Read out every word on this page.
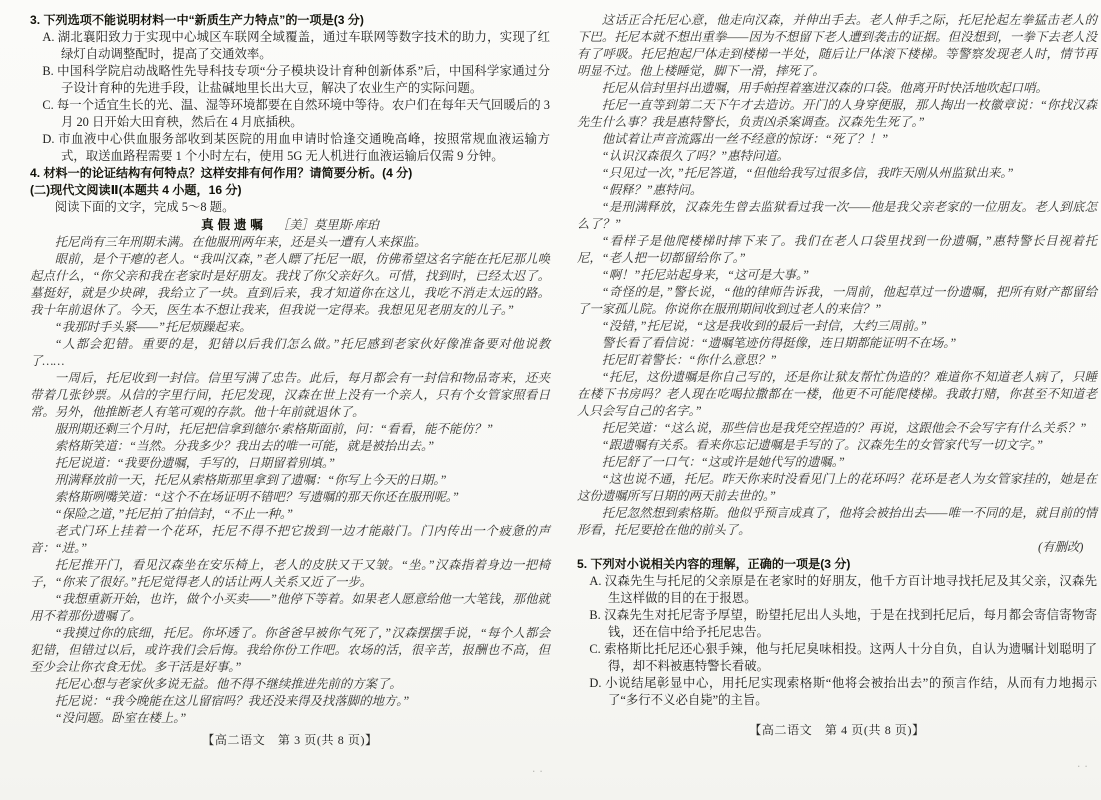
3. 下列选项不能说明材料一中“新质生产力特点”的一项是(3 分)

A. 湖北襄阳致力于实现中心城区车联网全域覆盖，通过车联网等数字技术的助力，实现了红绿灯自动调整配时，提高了交通效率。

B. 中国科学院启动战略性先导科技专项“分子模块设计育种创新体系”后，中国科学家通过分子设计育种的先进手段，让盐碱地里长出大豆，解决了农业生产的实际问题。

C. 每一个适宜生长的光、温、湿等环境都要在自然环境中等待。农户们在每年天气回暖后的 3 月 20 日开始大田育秧，然后在 4 月底插秧。

D. 市血液中心供血服务部收到某医院的用血申请时恰逢交通晚高峰，按照常规血液运输方式，取送血路程需要 1 个小时左右，使用 5G 无人机进行血液运输后仅需 9 分钟。

4. 材料一的论证结构有何特点？这样安排有何作用？请简要分析。(4 分)

(二)现代文阅读Ⅱ(本题共 4 小题，16 分)

阅读下面的文字，完成 5～8 题。

真假遗嘱 ［美］莫里斯·库珀

托尼尚有三年刑期未满。在他服刑两年来，还是头一遭有人来探监。

眼前，是个干瘪的老人。“我叫汉森，”老人瞟了托尼一眼，仿佛希望这名字能在托尼那儿唤起点什么，“你父亲和我在老家时是好朋友。我找了你父亲好久。可惜，找到时，已经太迟了。墓挺好，就是少块碑，我给立了一块。直到后来，我才知道你在这儿，我吃不消走太远的路。我十年前退休了。今天，医生本不想让我来，但我说一定得来。我想见见老朋友的儿子。”

“我那时手头紧——”托尼烦躁起来。

“人都会犯错。重要的是，犯错以后我们怎么做。”托尼感到老家伙好像准备要对他说教了……

一周后，托尼收到一封信。信里写满了忠告。此后，每月都会有一封信和物品寄来，还夹带着几张钞票。从信的字里行间，托尼发现，汉森在世上没有一个亲人，只有个女管家照看日常。另外，他推断老人有笔可观的存款。他十年前就退休了。

服刑期还剩三个月时，托尼把信拿到德尔·索格斯面前，问：“看看，能不能仿？”

索格斯笑道：“当然。分我多少？我出去的唯一可能，就是被抬出去。”

托尼说道：“我要份遗嘱，手写的，日期留着别填。”

刑满释放前一天，托尼从索格斯那里拿到了遗嘱：“你写上今天的日期。”

索格斯咧嘴笑道：“这个不在场证明不错吧？写遗嘱的那天你还在服刑呢。”

“保险之道，”托尼拍了拍信封，“不止一种。”

老式门环上挂着一个花环，托尼不得不把它拨到一边才能敲门。门内传出一个疲惫的声音：“进。”

托尼推开门，看见汉森坐在安乐椅上，老人的皮肤又干又皱。“坐。”汉森指着身边一把椅子，“你来了很好。”托尼觉得老人的话让两人关系又近了一步。

“我想重新开始，也许，做个小买卖——”他停下等着。如果老人愿意给他一大笔钱，那他就用不着那份遗嘱了。

“我摸过你的底细，托尼。你坏透了。你爸爸早被你气死了，”汉森摆摆手说，“每个人都会犯错，但错过以后，或许我们会后悔。我给你份工作吧。农场的活，很辛苦，报酬也不高，但至少会让你衣食无忧。多干活是好事。”

托尼心想与老家伙多说无益。他不得不继续推进先前的方案了。

托尼说：“我今晚能在这儿留宿吗？我还没来得及找落脚的地方。”

“没问题。卧室在楼上。”

【高二语文　第 3 页(共 8 页)】

这话正合托尼心意，他走向汉森，并伸出手去。老人伸手之际，托尼抡起左拳猛击老人的下巴。托尼本就不想出重拳——因为不想留下老人遭到袭击的证据。但没想到，一拳下去老人没有了呼吸。托尼抱起尸体走到楼梯一半处，随后让尸体滚下楼梯。等警察发现老人时，情节再明显不过。他上楼睡觉，脚下一滑，摔死了。

托尼从信封里抖出遗嘱，用手帕捏着塞进汉森的口袋。他离开时快活地吹起口哨。

托尼一直等到第二天下午才去造访。开门的人身穿便服，那人掏出一枚徽章说：“你找汉森先生什么事？我是惠特警长，负责凶杀案调查。汉森先生死了。”

他试着让声音流露出一丝不经意的惊讶：“死了？！”

“认识汉森很久了吗？”惠特问道。

“只见过一次，”托尼答道，“但他给我写过很多信，我昨天刚从州监狱出来。”

“假释？”惠特问。

“是刑满释放，汉森先生曾去监狱看过我一次——他是我父亲老家的一位朋友。老人到底怎么了？”

“看样子是他爬楼梯时摔下来了。我们在老人口袋里找到一份遗嘱，”惠特警长目视着托尼，“老人把一切都留给你了。”

“啊！”托尼站起身来，“这可是大事。”

“奇怪的是，”警长说，“他的律师告诉我，一周前，他起草过一份遗嘱，把所有财产都留给了一家孤儿院。你说你在服刑期间收到过老人的来信？”

“没错，”托尼说，“这是我收到的最后一封信，大约三周前。”

警长看了看信说：“遗嘱笔迹仿得挺像，连日期都能证明不在场。”

托尼盯着警长：“你什么意思？”

“托尼，这份遗嘱是你自己写的，还是你让狱友帮忙伪造的？难道你不知道老人病了，只睡在楼下书房吗？老人现在吃喝拉撒都在一楼，他更不可能爬楼梯。我敢打赌，你甚至不知道老人只会写自己的名字。”

托尼笑道：“这么说，那些信也是我凭空捏造的？再说，这跟他会不会写字有什么关系？”

“跟遗嘱有关系。看来你忘记遗嘱是手写的了。汉森先生的女管家代写一切文字。”

托尼舒了一口气：“这或许是她代写的遗嘱。”

“这也说不通，托尼。昨天你来时没看见门上的花环吗？花环是老人为女管家挂的，她是在这份遗嘱所写日期的两天前去世的。”

托尼忽然想到索格斯。他似乎预言成真了，他将会被抬出去——唯一不同的是，就目前的情形看，托尼要抢在他的前头了。

(有删改)

5. 下列对小说相关内容的理解，正确的一项是(3 分)

A. 汉森先生与托尼的父亲原是在老家时的好朋友，他千方百计地寻找托尼及其父亲，汉森先生这样做的目的在于报恩。

B. 汉森先生对托尼寄予厚望，盼望托尼出人头地，于是在找到托尼后，每月都会寄信寄物寄钱，还在信中给予托尼忠告。

C. 索格斯比托尼还心狠手辣，他与托尼臭味相投。这两人十分自负，自认为遗嘱计划聪明了得，却不料被惠特警长看破。

D. 小说结尾彰显中心，用托尼实现索格斯“他将会被抬出去”的预言作结，从而有力地揭示了“多行不义必自毙”的主旨。

【高二语文　第 4 页(共 8 页)】

..	..
